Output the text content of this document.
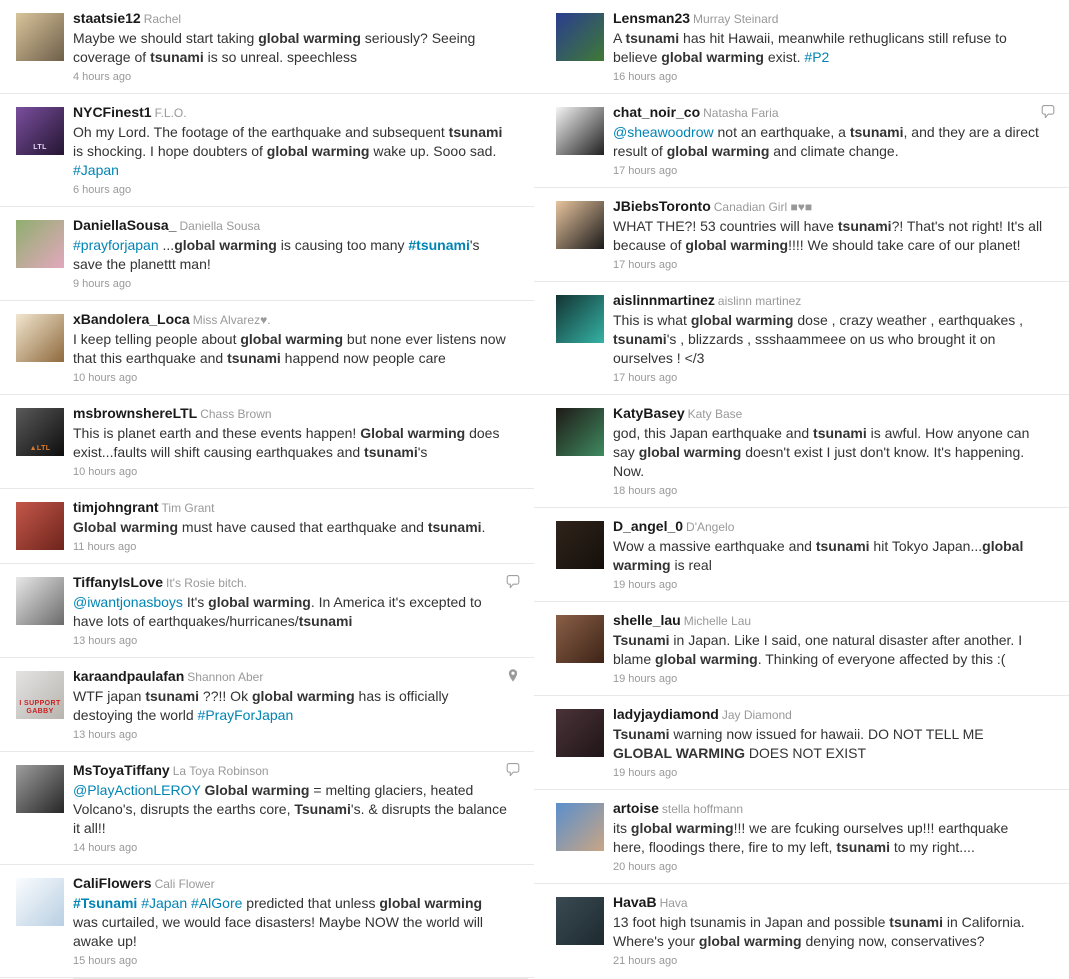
staatsie12 Rachel
Maybe we should start taking global warming seriously? Seeing coverage of tsunami is so unreal. speechless
4 hours ago
LTL
NYCFinest1 F.L.O.
Oh my Lord. The footage of the earthquake and subsequent tsunami is shocking. I hope doubters of global warming wake up. Sooo sad. #Japan
6 hours ago
DaniellaSousa_ Daniella Sousa
#prayforjapan ...global warming is causing too many #tsunami's save the planettt man!
9 hours ago
xBandolera_Loca Miss Alvarez♥.
I keep telling people about global warming but none ever listens now that this earthquake and tsunami happend now people care
10 hours ago
▲LTL
msbrownshereLTL Chass Brown
This is planet earth and these events happen! Global warming does exist...faults will shift causing earthquakes and tsunami's
10 hours ago
timjohngrant Tim Grant
Global warming must have caused that earthquake and tsunami.
11 hours ago
TiffanyIsLove It's Rosie bitch.
@iwantjonasboys It's global warming. In America it's excepted to have lots of earthquakes/hurricanes/tsunami
13 hours ago
I SUPPORT GABBY
karaandpaulafan Shannon Aber
WTF japan tsunami ??!! Ok global warming has is officially destoying the world #PrayForJapan
13 hours ago
MsToyaTiffany La Toya Robinson
@PlayActionLEROY Global warming = melting glaciers, heated Volcano's, disrupts the earths core, Tsunami's. & disrupts the balance it all!!
14 hours ago
CaliFlowers Cali Flower
#Tsunami #Japan #AlGore predicted that unless global warming was curtailed, we would face disasters! Maybe NOW the world will awake up!
15 hours ago
Lensman23 Murray Steinard
A tsunami has hit Hawaii, meanwhile rethuglicans still refuse to believe global warming exist. #P2
16 hours ago
chat_noir_co Natasha Faria
@sheawoodrow not an earthquake, a tsunami, and they are a direct result of global warming and climate change.
17 hours ago
JBiebsToronto Canadian Girl ■♥■
WHAT THE?! 53 countries will have tsunami?! That's not right! It's all because of global warming!!!! We should take care of our planet!
17 hours ago
aislinnmartinez aislinn martinez
This is what global warming dose , crazy weather , earthquakes , tsunami's , blizzards , ssshaammeee on us who brought it on ourselves ! </3
17 hours ago
KatyBasey Katy Base
god, this Japan earthquake and tsunami is awful. How anyone can say global warming doesn't exist I just don't know. It's happening. Now.
18 hours ago
D_angel_0 D'Angelo
Wow a massive earthquake and tsunami hit Tokyo Japan...global warming is real
19 hours ago
shelle_lau Michelle Lau
Tsunami in Japan. Like I said, one natural disaster after another. I blame global warming. Thinking of everyone affected by this :(
19 hours ago
ladyjaydiamond Jay Diamond
Tsunami warning now issued for hawaii. DO NOT TELL ME GLOBAL WARMING DOES NOT EXIST
19 hours ago
artoise stella hoffmann
its global warming!!! we are fcuking ourselves up!!! earthquake here, floodings there, fire to my left, tsunami to my right....
20 hours ago
HavaB Hava
13 foot high tsunamis in Japan and possible tsunami in California. Where's your global warming denying now, conservatives?
21 hours ago
